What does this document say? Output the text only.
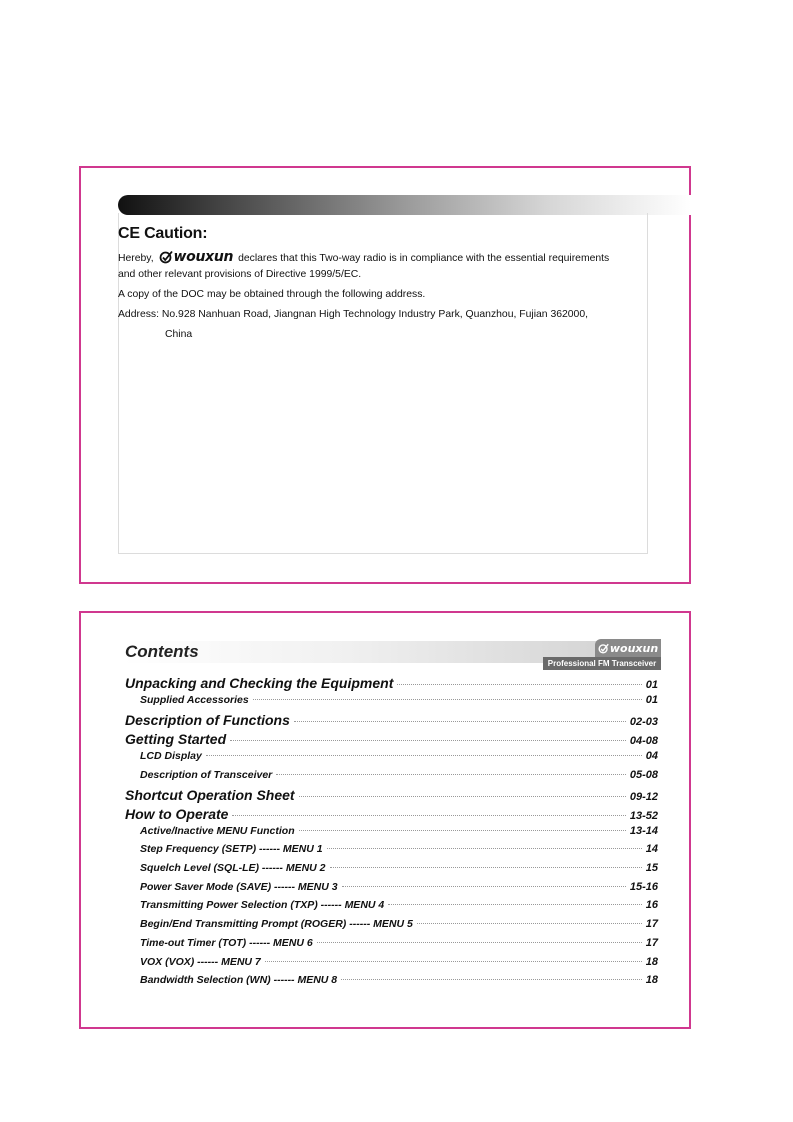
CE Caution:
Hereby, wouxun declares that this Two-way radio is in compliance with the essential requirements
and other relevant provisions of Directive 1999/5/EC.
A copy of the DOC may be obtained through the following address.
Address: No.928 Nanhuan Road, Jiangnan High Technology Industry Park, Quanzhou, Fujian 362000,
China
Contents	wouxun
Professional FM Transceiver
Unpacking and Checking the Equipment	01
Supplied Accessories	01
Description of Functions	02-03
Getting Started	04-08
LCD Display	04
Description of Transceiver	05-08
Shortcut Operation Sheet	09-12
How to Operate	13-52
Active/Inactive MENU Function	13-14
Step Frequency (SETP) ------ MENU 1	14
Squelch Level (SQL-LE) ------ MENU 2	15
Power Saver Mode (SAVE) ------ MENU 3	15-16
Transmitting Power Selection (TXP) ------ MENU 4	16
Begin/End Transmitting Prompt (ROGER) ------ MENU 5	17
Time-out Timer (TOT) ------ MENU 6	17
VOX (VOX) ------ MENU 7	18
Bandwidth Selection (WN) ------ MENU 8	18
